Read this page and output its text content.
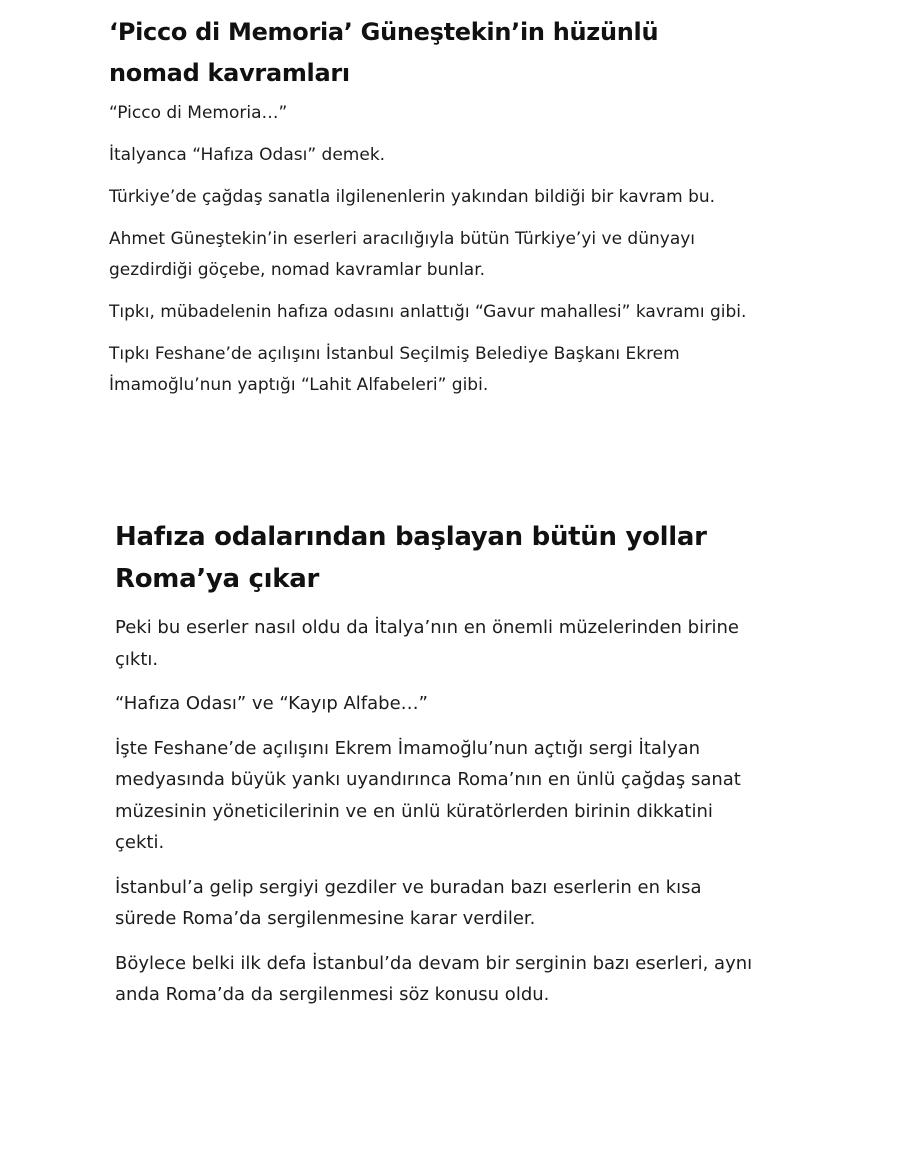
‘Picco di Memoria’ Güneştekin’in hüzünlü nomad kavramları

“Picco di Memoria…”

İtalyanca “Hafıza Odası” demek.

Türkiye’de çağdaş sanatla ilgilenenlerin yakından bildiği bir kavram bu.

Ahmet Güneştekin’in eserleri aracılığıyla bütün Türkiye’yi ve dünyayı gezdirdiği göçebe, nomad kavramlar bunlar.

Tıpkı, mübadelenin hafıza odasını anlattığı “Gavur mahallesi” kavramı gibi.

Tıpkı Feshane’de açılışını İstanbul Seçilmiş Belediye Başkanı Ekrem İmamoğlu’nun yaptığı “Lahit Alfabeleri” gibi.

Hafıza odalarından başlayan bütün yollar Roma’ya çıkar

Peki bu eserler nasıl oldu da İtalya’nın en önemli müzelerinden birine çıktı.

“Hafıza Odası” ve “Kayıp Alfabe…”

İşte Feshane’de açılışını Ekrem İmamoğlu’nun açtığı sergi İtalyan medyasında büyük yankı uyandırınca Roma’nın en ünlü çağdaş sanat müzesinin yöneticilerinin ve en ünlü küratörlerden birinin dikkatini çekti.

İstanbul’a gelip sergiyi gezdiler ve buradan bazı eserlerin en kısa sürede Roma’da sergilenmesine karar verdiler.

Böylece belki ilk defa İstanbul’da devam bir serginin bazı eserleri, aynı anda Roma’da da sergilenmesi söz konusu oldu.
